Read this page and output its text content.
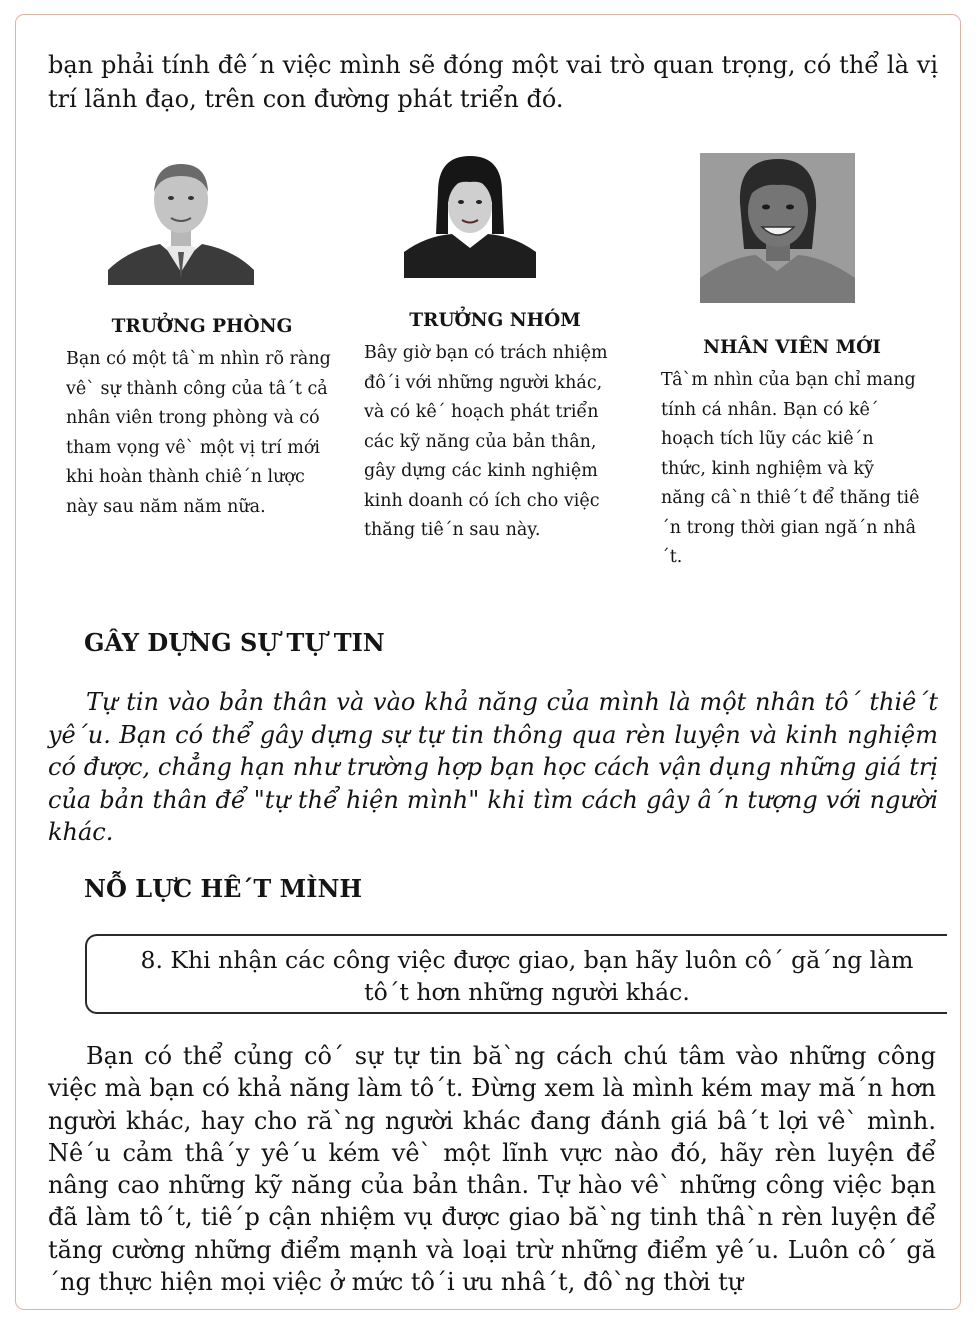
bạn phải tính đê´n việc mình sẽ đóng một vai trò quan trọng, có thể là vị trí lãnh đạo, trên con đường phát triển đó.

TRƯỞNG PHÒNG

Bạn có một tâ`m nhìn rõ ràng vê` sự thành công của tâ´t cả nhân viên trong phòng và có tham vọng vê` một vị trí mới khi hoàn thành chiê´n lược này sau năm năm nữa.

TRƯỞNG NHÓM

Bây giờ bạn có trách nhiệm đô´i với những người khác, và có kê´ hoạch phát triển các kỹ năng của bản thân, gây dựng các kinh nghiệm kinh doanh có ích cho việc thăng tiê´n sau này.

NHÂN VIÊN MỚI

Tâ`m nhìn của bạn chỉ mang tính cá nhân. Bạn có kê´ hoạch tích lũy các kiê´n thức, kinh nghiệm và kỹ năng câ`n thiê´t để thăng tiê´n trong thời gian ngă´n nhâ´t.

GÂY DỰNG SỰ TỰ TIN

Tự tin vào bản thân và vào khả năng của mình là một nhân tô´ thiê´t yê´u. Bạn có thể gây dựng sự tự tin thông qua rèn luyện và kinh nghiệm có được, chẳng hạn như trường hợp bạn học cách vận dụng những giá trị của bản thân để "tự thể hiện mình" khi tìm cách gây â´n tượng với người khác.

NỖ LỰC HÊ´T MÌNH
8. Khi nhận các công việc được giao, bạn hãy luôn cô´ gă´ng làm tô´t hơn những người khác.

Bạn có thể củng cô´ sự tự tin bă`ng cách chú tâm vào những công việc mà bạn có khả năng làm tô´t. Đừng xem là mình kém may mă´n hơn người khác, hay cho ră`ng người khác đang đánh giá bâ´t lợi vê` mình. Nê´u cảm thâ´y yê´u kém vê` một lĩnh vực nào đó, hãy rèn luyện để nâng cao những kỹ năng của bản thân. Tự hào vê` những công việc bạn đã làm tô´t, tiê´p cận nhiệm vụ được giao bă`ng tinh thâ`n rèn luyện để tăng cường những điểm mạnh và loại trừ những điểm yê´u. Luôn cô´ gă´ng thực hiện mọi việc ở mức tô´i ưu nhâ´t, đô`ng thời tự
